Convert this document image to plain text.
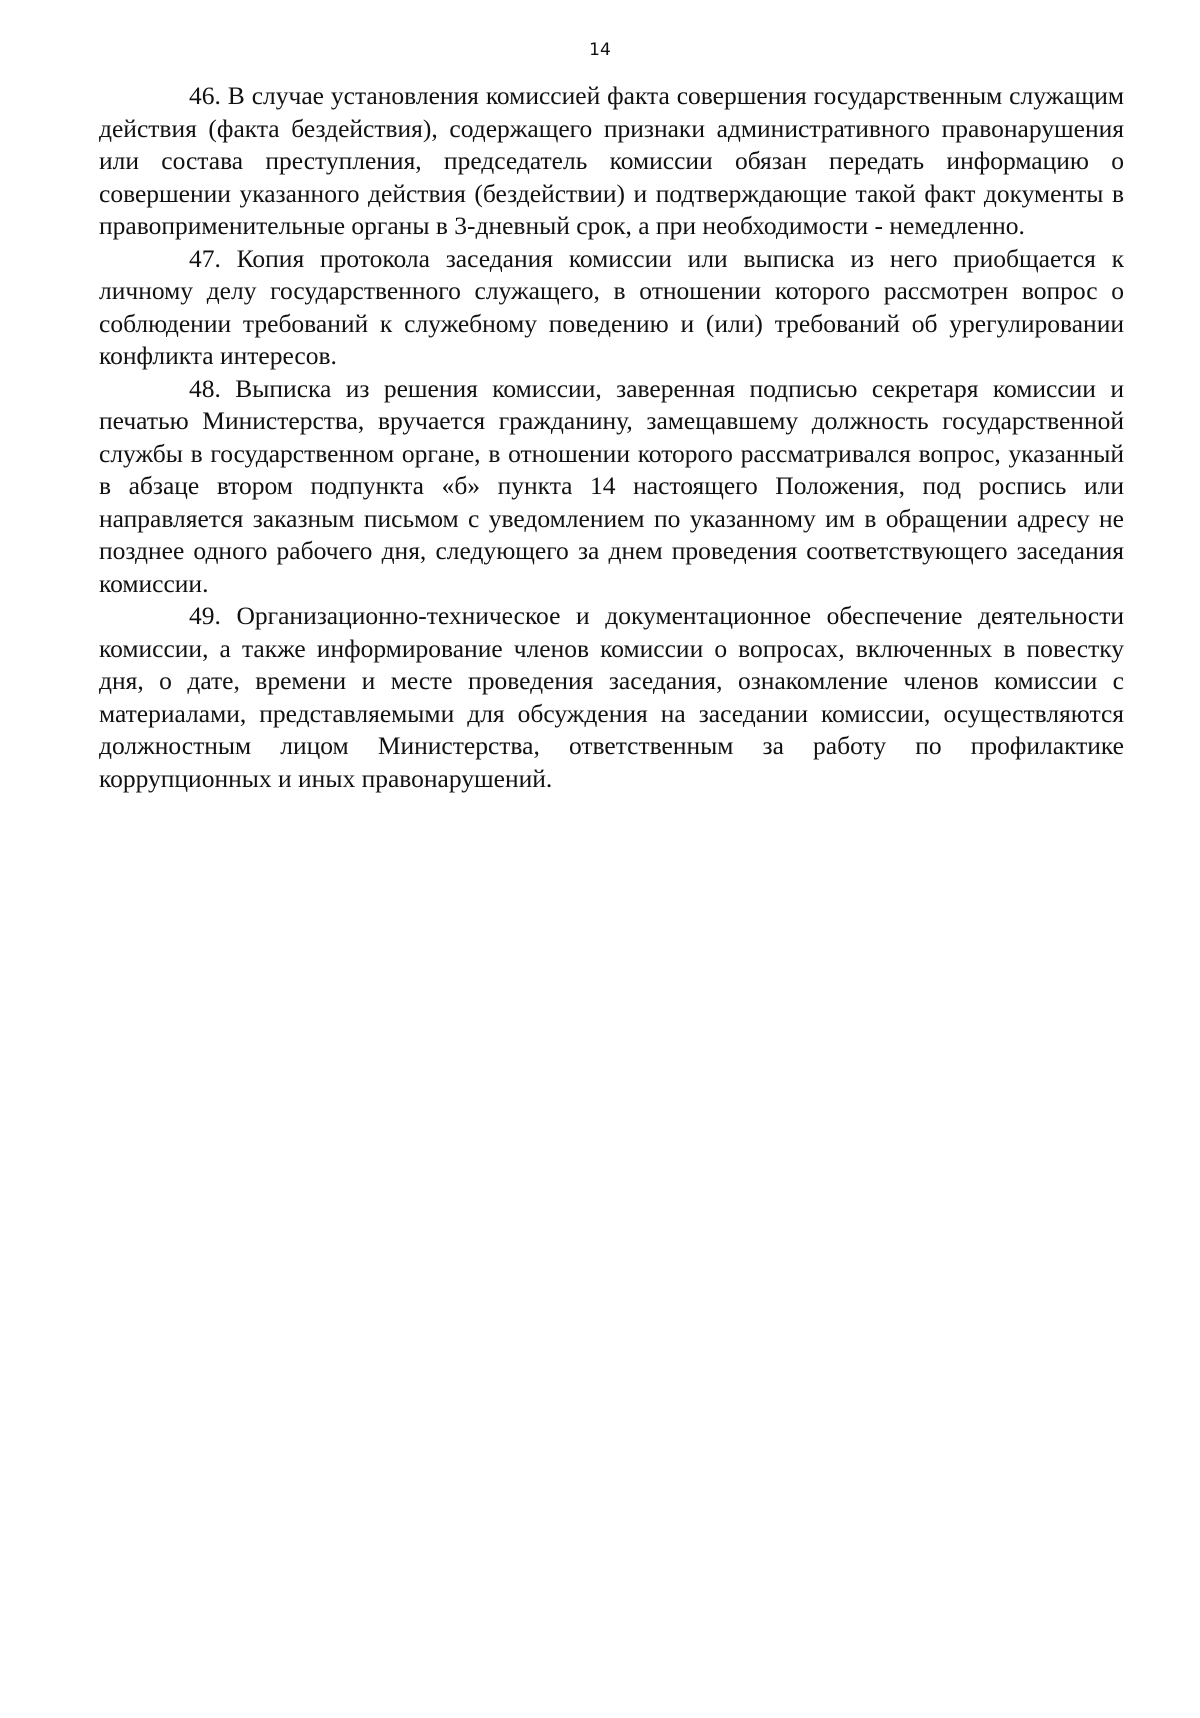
14

46. В случае установления комиссией факта совершения государственным служащим действия (факта бездействия), содержащего признаки административного правонарушения или состава преступления, председатель комиссии обязан передать информацию о совершении указанного действия (бездействии) и подтверждающие такой факт документы в правоприменительные органы в 3-дневный срок, а при необходимости - немедленно.

47. Копия протокола заседания комиссии или выписка из него приобщается к личному делу государственного служащего, в отношении которого рассмотрен вопрос о соблюдении требований к служебному поведению и (или) требований об урегулировании конфликта интересов.

48. Выписка из решения комиссии, заверенная подписью секретаря комиссии и печатью Министерства, вручается гражданину, замещавшему должность государственной службы в государственном органе, в отношении которого рассматривался вопрос, указанный в абзаце втором подпункта «б» пункта 14 настоящего Положения, под роспись или направляется заказным письмом с уведомлением по указанному им в обращении адресу не позднее одного рабочего дня, следующего за днем проведения соответствующего заседания комиссии.

49. Организационно-техническое и документационное обеспечение деятельности комиссии, а также информирование членов комиссии о вопросах, включенных в повестку дня, о дате, времени и месте проведения заседания, ознакомление членов комиссии с материалами, представляемыми для обсуждения на заседании комиссии, осуществляются должностным лицом Министерства, ответственным за работу по профилактике коррупционных и иных правонарушений.
